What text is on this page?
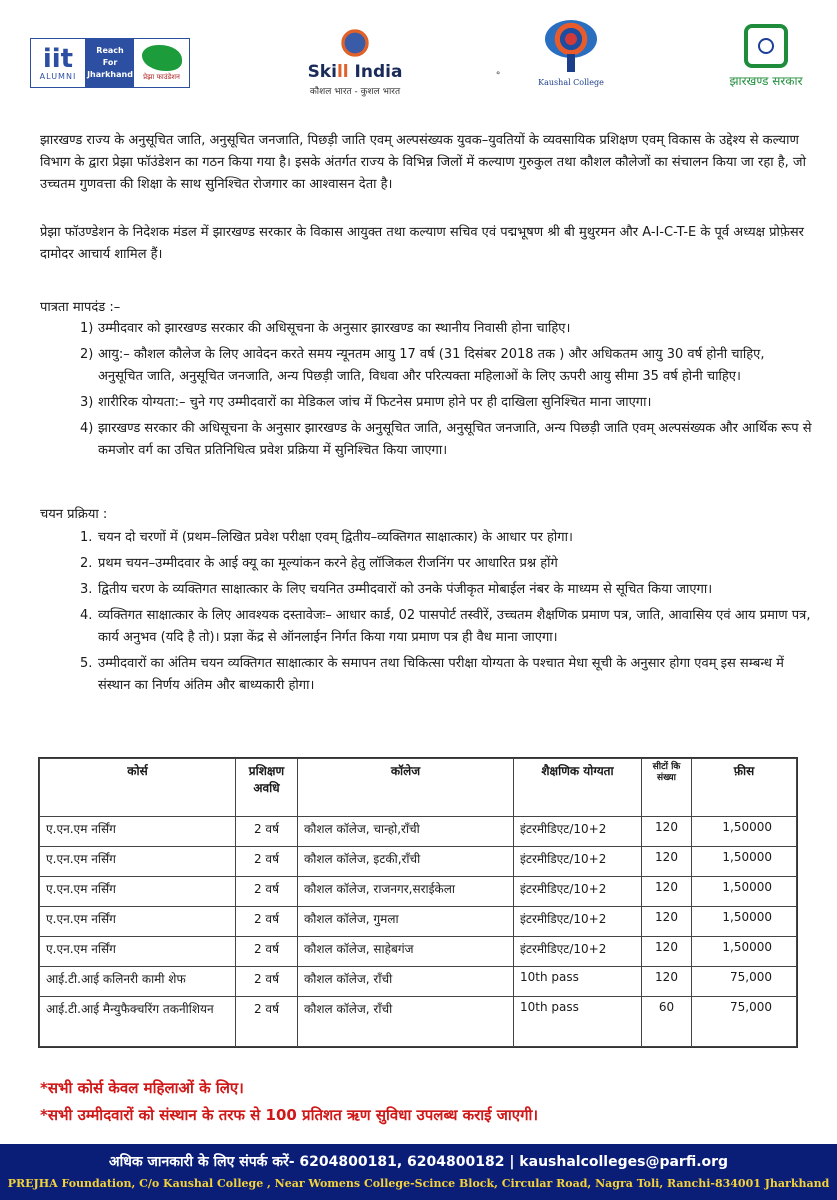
iit
ALUMNI
Reach
For
Jharkhand प्रेझा फाउंडेशन	Skill India
कौशल भारत - कुशल भारत
॰
Kaushal College	झारखण्ड सरकार

झारखण्ड राज्य के अनुसूचित जाति, अनुसूचित जनजाति, पिछड़ी जाति एवम् अल्पसंख्यक युवक–युवतियों के व्यवसायिक प्रशिक्षण एवम् विकास के उद्देश्य से कल्याण विभाग के द्वारा प्रेझा फॉउंडेशन का गठन किया गया है। इसके अंतर्गत राज्य के विभिन्न जिलों में कल्याण गुरुकुल तथा कौशल कौलेजों का संचालन किया जा रहा है, जो उच्चतम गुणवत्ता की शिक्षा के साथ सुनिश्चित रोजगार का आश्वासन देता है।

प्रेझा फॉउण्डेशन के निदेशक मंडल में झारखण्ड सरकार के विकास आयुक्त तथा कल्याण सचिव एवं पद्मभूषण श्री बी मुथुरमन और A-I-C-T-E के पूर्व अध्यक्ष प्रोफ़ेसर दामोदर आचार्य शामिल हैं।

पात्रता मापदंड :–
1) उम्मीदवार को झारखण्ड सरकार की अधिसूचना के अनुसार झारखण्ड का स्थानीय निवासी होना चाहिए।
2) आयु:– कौशल कौलेज के लिए आवेदन करते समय न्यूनतम आयु 17 वर्ष (31 दिसंबर 2018 तक ) और अधिकतम आयु 30 वर्ष होनी चाहिए, अनुसूचित जाति, अनुसूचित जनजाति, अन्य पिछड़ी जाति, विधवा और परित्यक्ता महिलाओं के लिए ऊपरी आयु सीमा 35 वर्ष होनी चाहिए।
3) शारीरिक योग्यता:– चुने गए उम्मीदवारों का मेडिकल जांच में फिटनेस प्रमाण होने पर ही दाखिला सुनिश्चित माना जाएगा।
4) झारखण्ड सरकार की अधिसूचना के अनुसार झारखण्ड के अनुसूचित जाति, अनुसूचित जनजाति, अन्य पिछड़ी जाति एवम् अल्पसंख्यक और आर्थिक रूप से कमजोर वर्ग का उचित प्रतिनिधित्व प्रवेश प्रक्रिया में सुनिश्चित किया जाएगा।
चयन प्रक्रिया :
1. चयन दो चरणों में (प्रथम–लिखित प्रवेश परीक्षा एवम् द्वितीय–व्यक्तिगत साक्षात्कार) के आधार पर होगा।
2. प्रथम चयन–उम्मीदवार के आई क्यू का मूल्यांकन करने हेतु लॉजिकल रीजनिंग पर आधारित प्रश्न होंगे
3. द्वितीय चरण के व्यक्तिगत साक्षात्कार के लिए चयनित उम्मीदवारों को उनके पंजीकृत मोबाईल नंबर के माध्यम से सूचित किया जाएगा।
4. व्यक्तिगत साक्षात्कार के लिए आवश्यक दस्तावेजः– आधार कार्ड, 02 पासपोर्ट तस्वीरें, उच्चतम शैक्षणिक प्रमाण पत्र, जाति, आवासिय एवं आय प्रमाण पत्र, कार्य अनुभव (यदि है तो)। प्रज्ञा केंद्र से ऑनलाईन निर्गत किया गया प्रमाण पत्र ही वैध माना जाएगा।
5. उम्मीदवारों का अंतिम चयन व्यक्तिगत साक्षात्कार के समापन तथा चिकित्सा परीक्षा योग्यता के पश्चात मेधा सूची के अनुसार होगा एवम् इस सम्बन्ध में संस्थान का निर्णय अंतिम और बाध्यकारी होगा।
कोर्स	प्रशिक्षण अवधि	कॉलेज	शैक्षणिक योग्यता	सीटों कि संख्या	फ़ीस
ए.एन.एम नर्सिंग	2 वर्ष	कौशल कॉलेज, चान्हो,राँची	इंटरमीडिएट/10+2	120	1,50000
ए.एन.एम नर्सिंग	2 वर्ष	कौशल कॉलेज, इटकी,राँची	इंटरमीडिएट/10+2	120	1,50000
ए.एन.एम नर्सिंग	2 वर्ष	कौशल कॉलेज, राजनगर,सराईकेला	इंटरमीडिएट/10+2	120	1,50000
ए.एन.एम नर्सिंग	2 वर्ष	कौशल कॉलेज, गुमला	इंटरमीडिएट/10+2	120	1,50000
ए.एन.एम नर्सिंग	2 वर्ष	कौशल कॉलेज, साहेबगंज	इंटरमीडिएट/10+2	120	1,50000
आई.टी.आई कलिनरी कामी शेफ	2 वर्ष	कौशल कॉलेज, राँची	10th pass	120	75,000
आई.टी.आई मैन्युफैक्चरिंग तकनीशियन	2 वर्ष	कौशल कॉलेज, राँची	10th pass	60	75,000
*सभी कोर्स केवल महिलाओं के लिए।
*सभी उम्मीदवारों को संस्थान के तरफ से 100 प्रतिशत ऋण सुविधा उपलब्ध कराई जाएगी।
अधिक जानकारी के लिए संपर्क करें- 6204800181, 6204800182 | kaushalcolleges@parfi.org
PREJHA Foundation, C/o Kaushal College , Near Womens College-Scince Block, Circular Road, Nagra Toli, Ranchi-834001 Jharkhand
